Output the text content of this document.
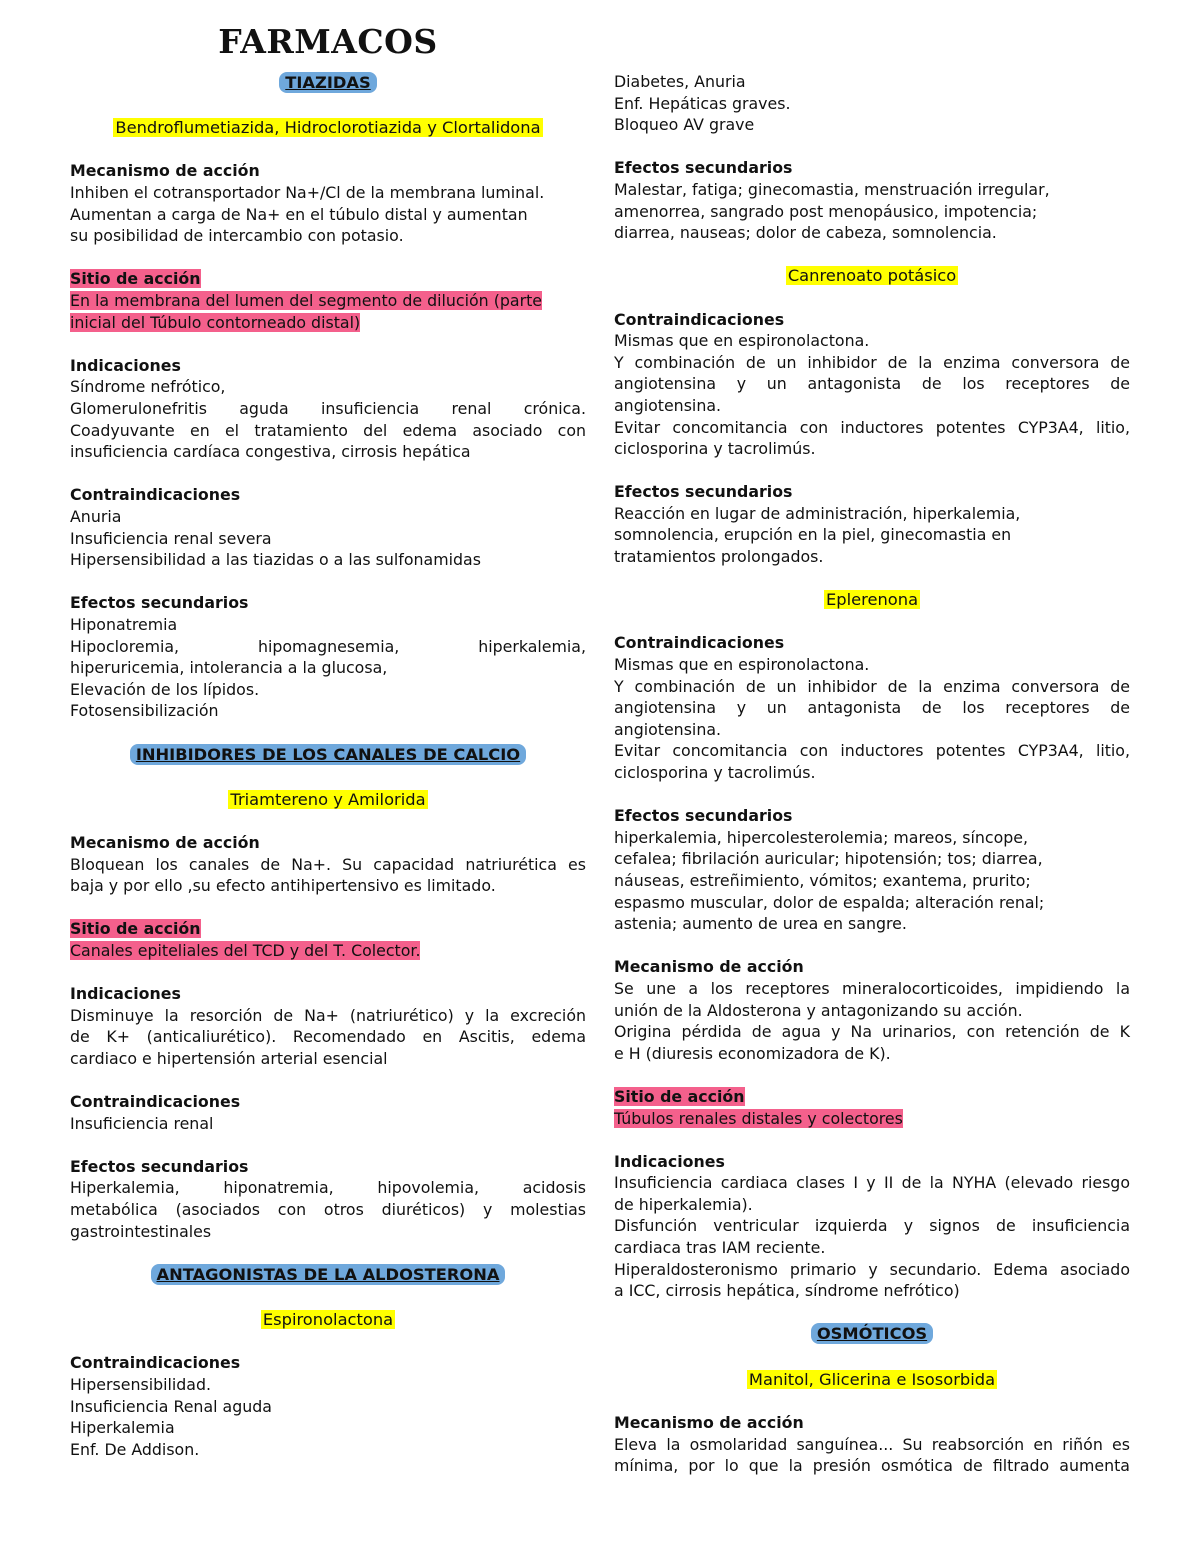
FARMACOS
TIAZIDAS
Bendroflumetiazida, Hidroclorotiazida y Clortalidona
Mecanismo de acción
Inhiben el cotransportador Na+/Cl de la membrana luminal.
Aumentan a carga de Na+ en el túbulo distal y aumentan
su posibilidad de intercambio con potasio.
Sitio de acción
En la membrana del lumen del segmento de dilución (parte
inicial del Túbulo contorneado distal)
Indicaciones
Síndrome nefrótico,
Glomerulonefritis aguda insuficiencia renal crónica.
Coadyuvante en el tratamiento del edema asociado con
insuficiencia cardíaca congestiva, cirrosis hepática
Contraindicaciones
Anuria
Insuficiencia renal severa
Hipersensibilidad a las tiazidas o a las sulfonamidas
Efectos secundarios
Hiponatremia
Hipocloremia, hipomagnesemia, hiperkalemia,
hiperuricemia, intolerancia a la glucosa,
Elevación de los lípidos.
Fotosensibilización
INHIBIDORES DE LOS CANALES DE CALCIO
Triamtereno y Amilorida
Mecanismo de acción
Bloquean los canales de Na+. Su capacidad natriurética es
baja y por ello ,su efecto antihipertensivo es limitado.
Sitio de acción
Canales epiteliales del TCD y del T. Colector.
Indicaciones
Disminuye la resorción de Na+ (natriurético) y la excreción
de K+ (anticaliurético). Recomendado en Ascitis, edema
cardiaco e hipertensión arterial esencial
Contraindicaciones
Insuficiencia renal
Efectos secundarios
Hiperkalemia, hiponatremia, hipovolemia, acidosis
metabólica (asociados con otros diuréticos) y molestias
gastrointestinales
ANTAGONISTAS DE LA ALDOSTERONA
Espironolactona
Contraindicaciones
Hipersensibilidad.
Insuficiencia Renal aguda
Hiperkalemia
Enf. De Addison.
Diabetes, Anuria
Enf. Hepáticas graves.
Bloqueo AV grave
Efectos secundarios
Malestar, fatiga; ginecomastia, menstruación irregular,
amenorrea, sangrado post menopáusico, impotencia;
diarrea, nauseas; dolor de cabeza, somnolencia.
Canrenoato potásico
Contraindicaciones
Mismas que en espironolactona.
Y combinación de un inhibidor de la enzima conversora de
angiotensina y un antagonista de los receptores de
angiotensina.
Evitar concomitancia con inductores potentes CYP3A4, litio,
ciclosporina y tacrolimús.
Efectos secundarios
Reacción en lugar de administración, hiperkalemia,
somnolencia, erupción en la piel, ginecomastia en
tratamientos prolongados.
Eplerenona
Contraindicaciones
Mismas que en espironolactona.
Y combinación de un inhibidor de la enzima conversora de
angiotensina y un antagonista de los receptores de
angiotensina.
Evitar concomitancia con inductores potentes CYP3A4, litio,
ciclosporina y tacrolimús.
Efectos secundarios
hiperkalemia, hipercolesterolemia; mareos, síncope,
cefalea; fibrilación auricular; hipotensión; tos; diarrea,
náuseas, estreñimiento, vómitos; exantema, prurito;
espasmo muscular, dolor de espalda; alteración renal;
astenia; aumento de urea en sangre.
Mecanismo de acción
Se une a los receptores mineralocorticoides, impidiendo la
unión de la Aldosterona y antagonizando su acción.
Origina pérdida de agua y Na urinarios, con retención de K
e H (diuresis economizadora de K).
Sitio de acción
Túbulos renales distales y colectores
Indicaciones
Insuficiencia cardiaca clases I y II de la NYHA (elevado riesgo
de hiperkalemia).
Disfunción ventricular izquierda y signos de insuficiencia
cardiaca tras IAM reciente.
Hiperaldosteronismo primario y secundario. Edema asociado
a ICC, cirrosis hepática, síndrome nefrótico)
OSMÓTICOS
Manitol, Glicerina e Isosorbida
Mecanismo de acción
Eleva la osmolaridad sanguínea... Su reabsorción en riñón es
mínima, por lo que la presión osmótica de filtrado aumenta
